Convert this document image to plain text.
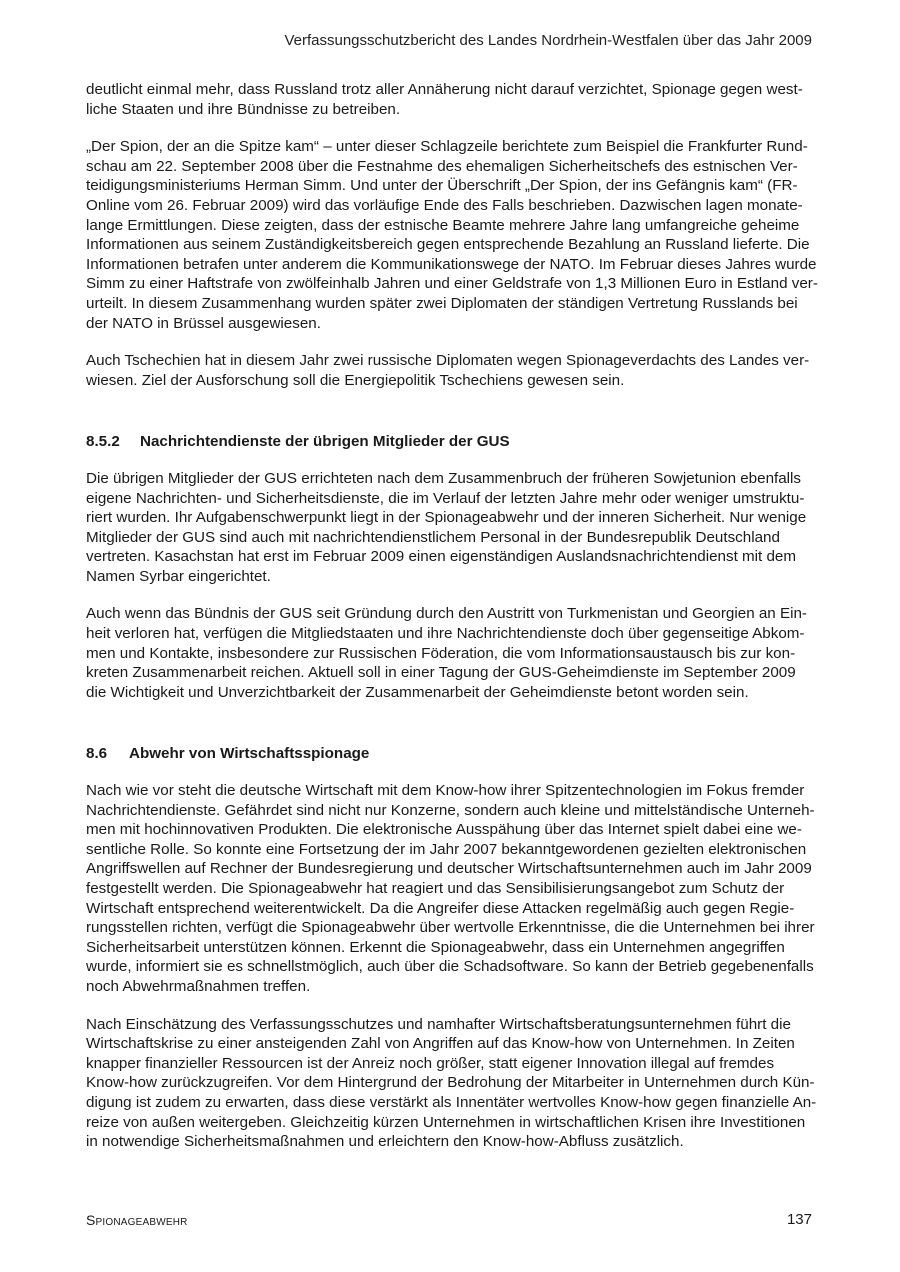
Verfassungsschutzbericht des Landes Nordrhein-Westfalen über das Jahr 2009
deutlicht einmal mehr, dass Russland trotz aller Annäherung nicht darauf verzichtet, Spionage gegen west-
liche Staaten und ihre Bündnisse zu betreiben.
„Der Spion, der an die Spitze kam“ – unter dieser Schlagzeile berichtete zum Beispiel die Frankfurter Rund-
schau am 22. September 2008 über die Festnahme des ehemaligen Sicherheitschefs des estnischen Ver-
teidigungsministeriums Herman Simm. Und unter der Überschrift „Der Spion, der ins Gefängnis kam“ (FR-
Online vom 26. Februar 2009) wird das vorläufige Ende des Falls beschrieben. Dazwischen lagen monate-
lange Ermittlungen. Diese zeigten, dass der estnische Beamte mehrere Jahre lang umfangreiche geheime
Informationen aus seinem Zuständigkeitsbereich gegen entsprechende Bezahlung an Russland lieferte. Die
Informationen betrafen unter anderem die Kommunikationswege der NATO. Im Februar dieses Jahres wurde
Simm zu einer Haftstrafe von zwölfeinhalb Jahren und einer Geldstrafe von 1,3 Millionen Euro in Estland ver-
urteilt. In diesem Zusammenhang wurden später zwei Diplomaten der ständigen Vertretung Russlands bei
der NATO in Brüssel ausgewiesen.
Auch Tschechien hat in diesem Jahr zwei russische Diplomaten wegen Spionageverdachts des Landes ver-
wiesen. Ziel der Ausforschung soll die Energiepolitik Tschechiens gewesen sein.
8.5.2 Nachrichtendienste der übrigen Mitglieder der GUS
Die übrigen Mitglieder der GUS errichteten nach dem Zusammenbruch der früheren Sowjetunion ebenfalls
eigene Nachrichten- und Sicherheitsdienste, die im Verlauf der letzten Jahre mehr oder weniger umstruktu-
riert wurden. Ihr Aufgabenschwerpunkt liegt in der Spionageabwehr und der inneren Sicherheit. Nur wenige
Mitglieder der GUS sind auch mit nachrichtendienstlichem Personal in der Bundesrepublik Deutschland
vertreten. Kasachstan hat erst im Februar 2009 einen eigenständigen Auslandsnachrichtendienst mit dem
Namen Syrbar eingerichtet.
Auch wenn das Bündnis der GUS seit Gründung durch den Austritt von Turkmenistan und Georgien an Ein-
heit verloren hat, verfügen die Mitgliedstaaten und ihre Nachrichtendienste doch über gegenseitige Abkom-
men und Kontakte, insbesondere zur Russischen Föderation, die vom Informationsaustausch bis zur kon-
kreten Zusammenarbeit reichen. Aktuell soll in einer Tagung der GUS-Geheimdienste im September 2009
die Wichtigkeit und Unverzichtbarkeit der Zusammenarbeit der Geheimdienste betont worden sein.
8.6 Abwehr von Wirtschaftsspionage
Nach wie vor steht die deutsche Wirtschaft mit dem Know-how ihrer Spitzentechnologien im Fokus fremder
Nachrichtendienste. Gefährdet sind nicht nur Konzerne, sondern auch kleine und mittelständische Unterneh-
men mit hochinnovativen Produkten. Die elektronische Ausspähung über das Internet spielt dabei eine we-
sentliche Rolle. So konnte eine Fortsetzung der im Jahr 2007 bekanntgewordenen gezielten elektronischen
Angriffswellen auf Rechner der Bundesregierung und deutscher Wirtschaftsunternehmen auch im Jahr 2009
festgestellt werden. Die Spionageabwehr hat reagiert und das Sensibilisierungsangebot zum Schutz der
Wirtschaft entsprechend weiterentwickelt. Da die Angreifer diese Attacken regelmäßig auch gegen Regie-
rungsstellen richten, verfügt die Spionageabwehr über wertvolle Erkenntnisse, die die Unternehmen bei ihrer
Sicherheitsarbeit unterstützen können. Erkennt die Spionageabwehr, dass ein Unternehmen angegriffen
wurde, informiert sie es schnellstmöglich, auch über die Schadsoftware. So kann der Betrieb gegebenenfalls
noch Abwehrmaßnahmen treffen.
Nach Einschätzung des Verfassungsschutzes und namhafter Wirtschaftsberatungsunternehmen führt die
Wirtschaftskrise zu einer ansteigenden Zahl von Angriffen auf das Know-how von Unternehmen. In Zeiten
knapper finanzieller Ressourcen ist der Anreiz noch größer, statt eigener Innovation illegal auf fremdes
Know-how zurückzugreifen. Vor dem Hintergrund der Bedrohung der Mitarbeiter in Unternehmen durch Kün-
digung ist zudem zu erwarten, dass diese verstärkt als Innentäter wertvolles Know-how gegen finanzielle An-
reize von außen weitergeben. Gleichzeitig kürzen Unternehmen in wirtschaftlichen Krisen ihre Investitionen
in notwendige Sicherheitsmaßnahmen und erleichtern den Know-how-Abfluss zusätzlich.
Spionageabwehr	137
